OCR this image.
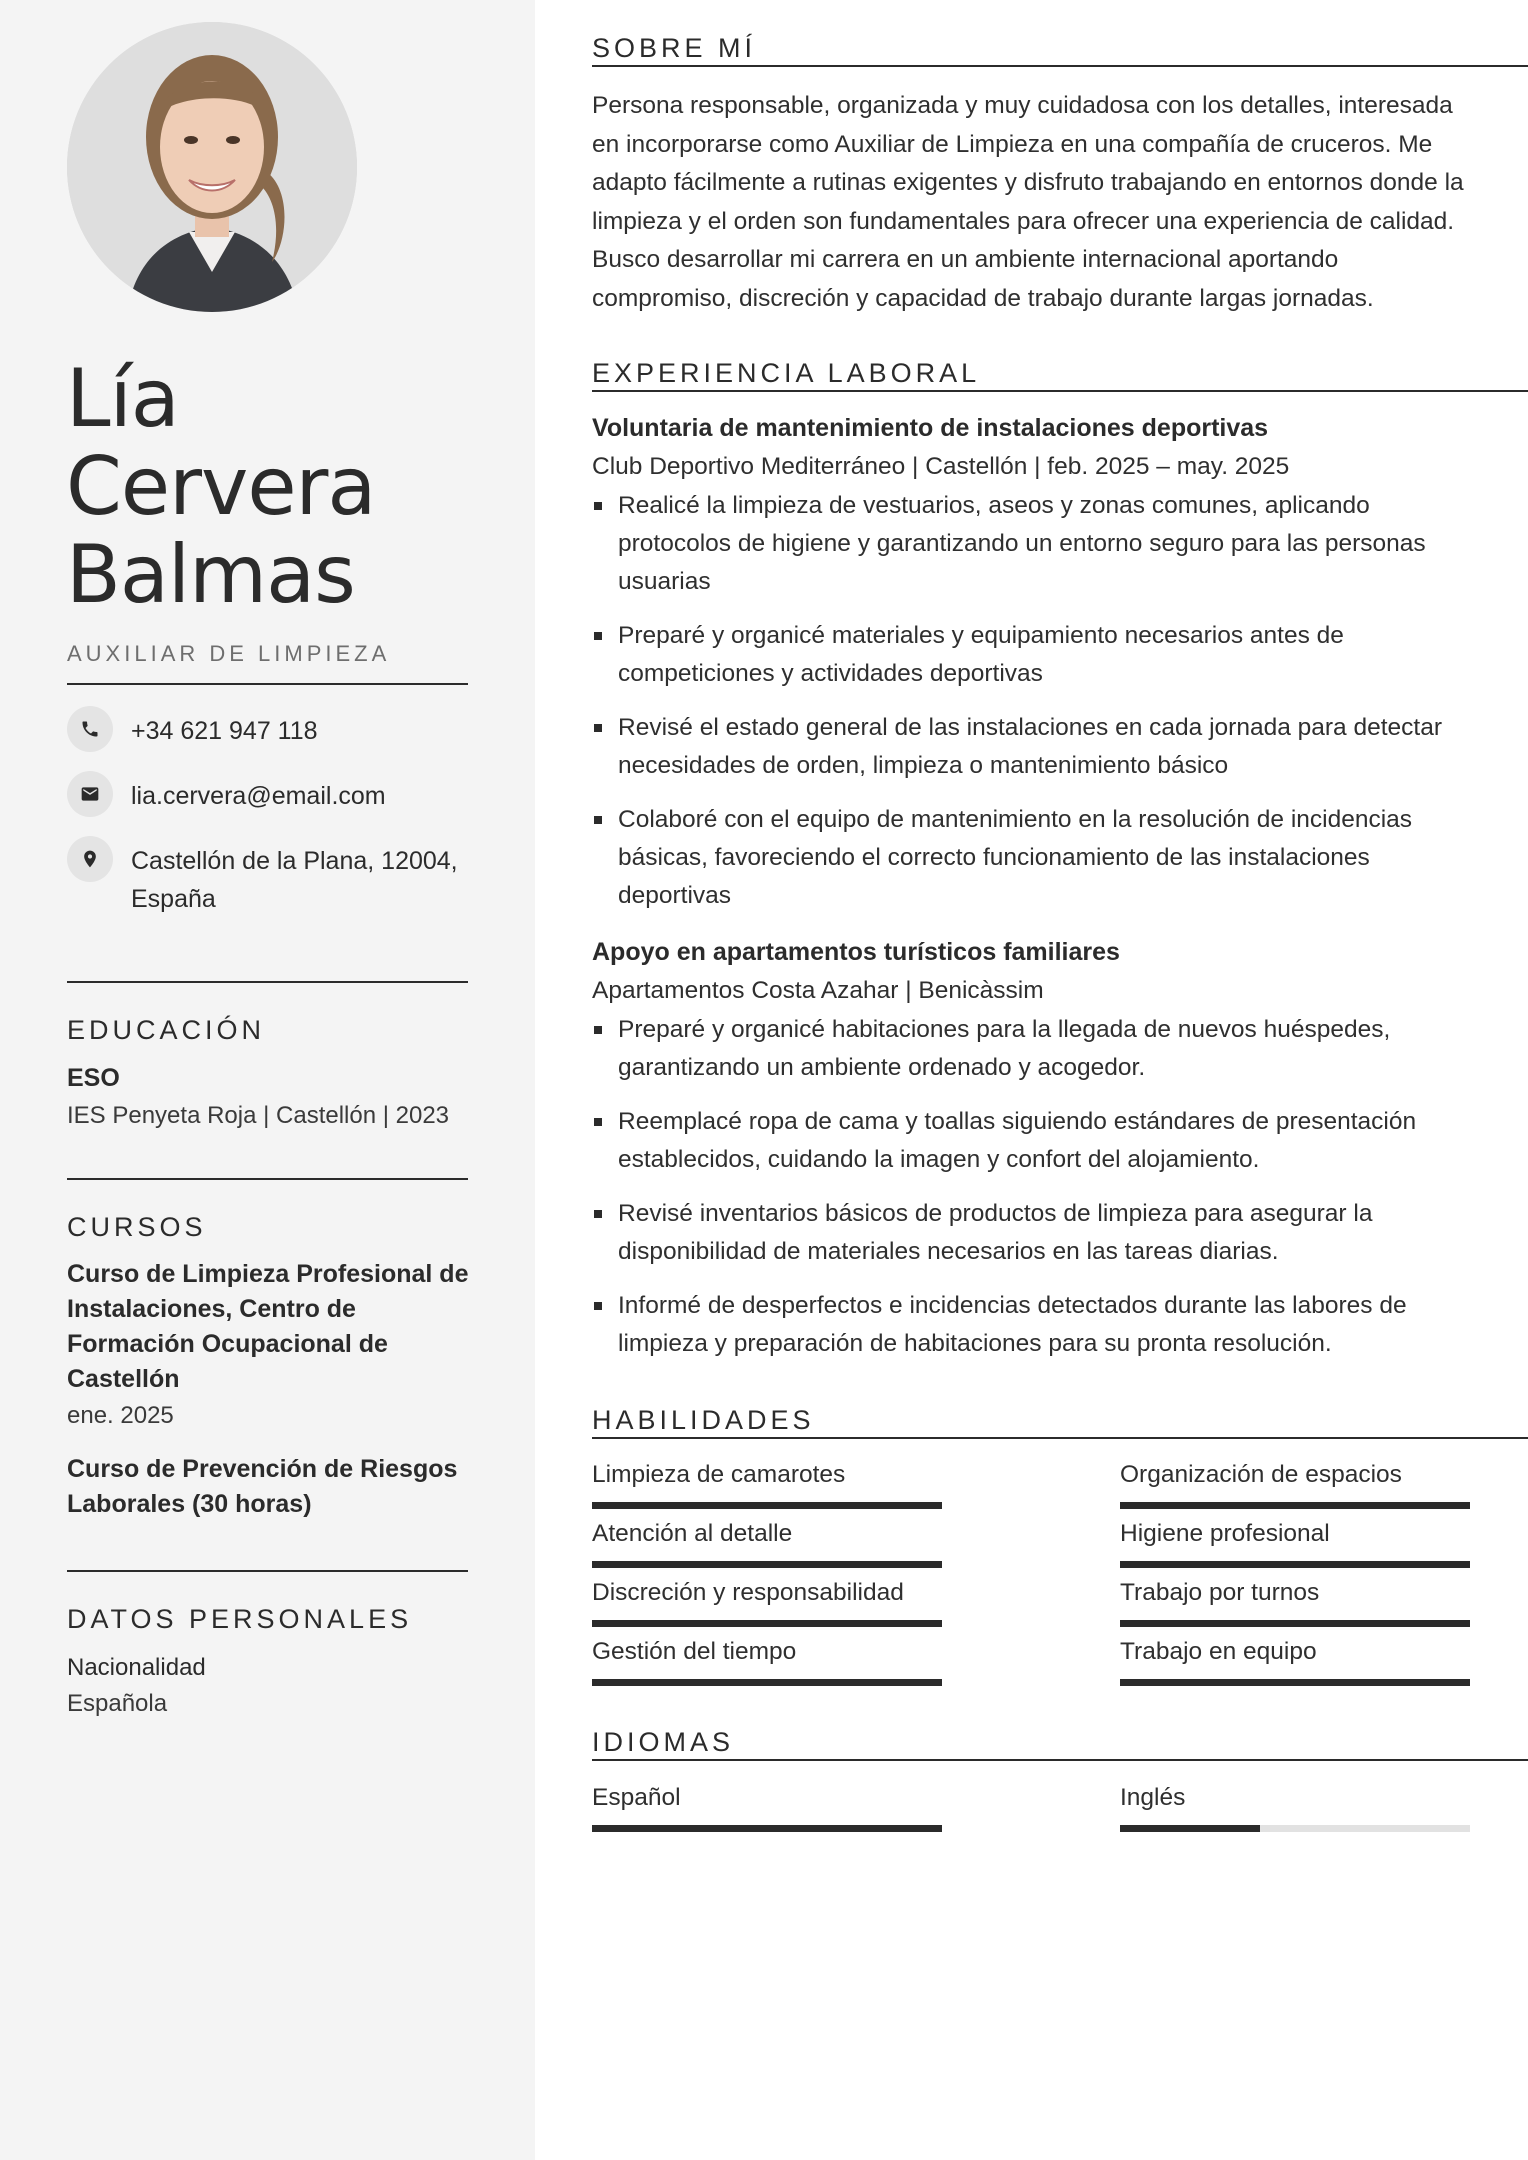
Lía
Cervera
Balmas
AUXILIAR DE LIMPIEZA
+34 621 947 118
lia.cervera@email.com
Castellón de la Plana, 12004,
España
EDUCACIÓN
ESO
IES Penyeta Roja | Castellón | 2023
CURSOS
Curso de Limpieza Profesional de Instalaciones, Centro de Formación Ocupacional de Castellón
ene. 2025
Curso de Prevención de Riesgos Laborales (30 horas)
DATOS PERSONALES
Nacionalidad
Española
SOBRE MÍ

Persona responsable, organizada y muy cuidadosa con los detalles, interesada en incorporarse como Auxiliar de Limpieza en una compañía de cruceros. Me adapto fácilmente a rutinas exigentes y disfruto trabajando en entornos donde la limpieza y el orden son fundamentales para ofrecer una experiencia de calidad. Busco desarrollar mi carrera en un ambiente internacional aportando compromiso, discreción y capacidad de trabajo durante largas jornadas.

EXPERIENCIA LABORAL
Voluntaria de mantenimiento de instalaciones deportivas
Club Deportivo Mediterráneo | Castellón | feb. 2025 – may. 2025
Realicé la limpieza de vestuarios, aseos y zonas comunes, aplicando protocolos de higiene y garantizando un entorno seguro para las personas usuarias
Preparé y organicé materiales y equipamiento necesarios antes de competiciones y actividades deportivas
Revisé el estado general de las instalaciones en cada jornada para detectar necesidades de orden, limpieza o mantenimiento básico
Colaboré con el equipo de mantenimiento en la resolución de incidencias básicas, favoreciendo el correcto funcionamiento de las instalaciones deportivas
Apoyo en apartamentos turísticos familiares
Apartamentos Costa Azahar | Benicàssim
Preparé y organicé habitaciones para la llegada de nuevos huéspedes, garantizando un ambiente ordenado y acogedor.
Reemplacé ropa de cama y toallas siguiendo estándares de presentación establecidos, cuidando la imagen y confort del alojamiento.
Revisé inventarios básicos de productos de limpieza para asegurar la disponibilidad de materiales necesarios en las tareas diarias.
Informé de desperfectos e incidencias detectados durante las labores de limpieza y preparación de habitaciones para su pronta resolución.
HABILIDADES
Limpieza de camarotes	Organización de espacios
Atención al detalle	Higiene profesional
Discreción y responsabilidad	Trabajo por turnos
Gestión del tiempo	Trabajo en equipo
IDIOMAS
Español	Inglés
